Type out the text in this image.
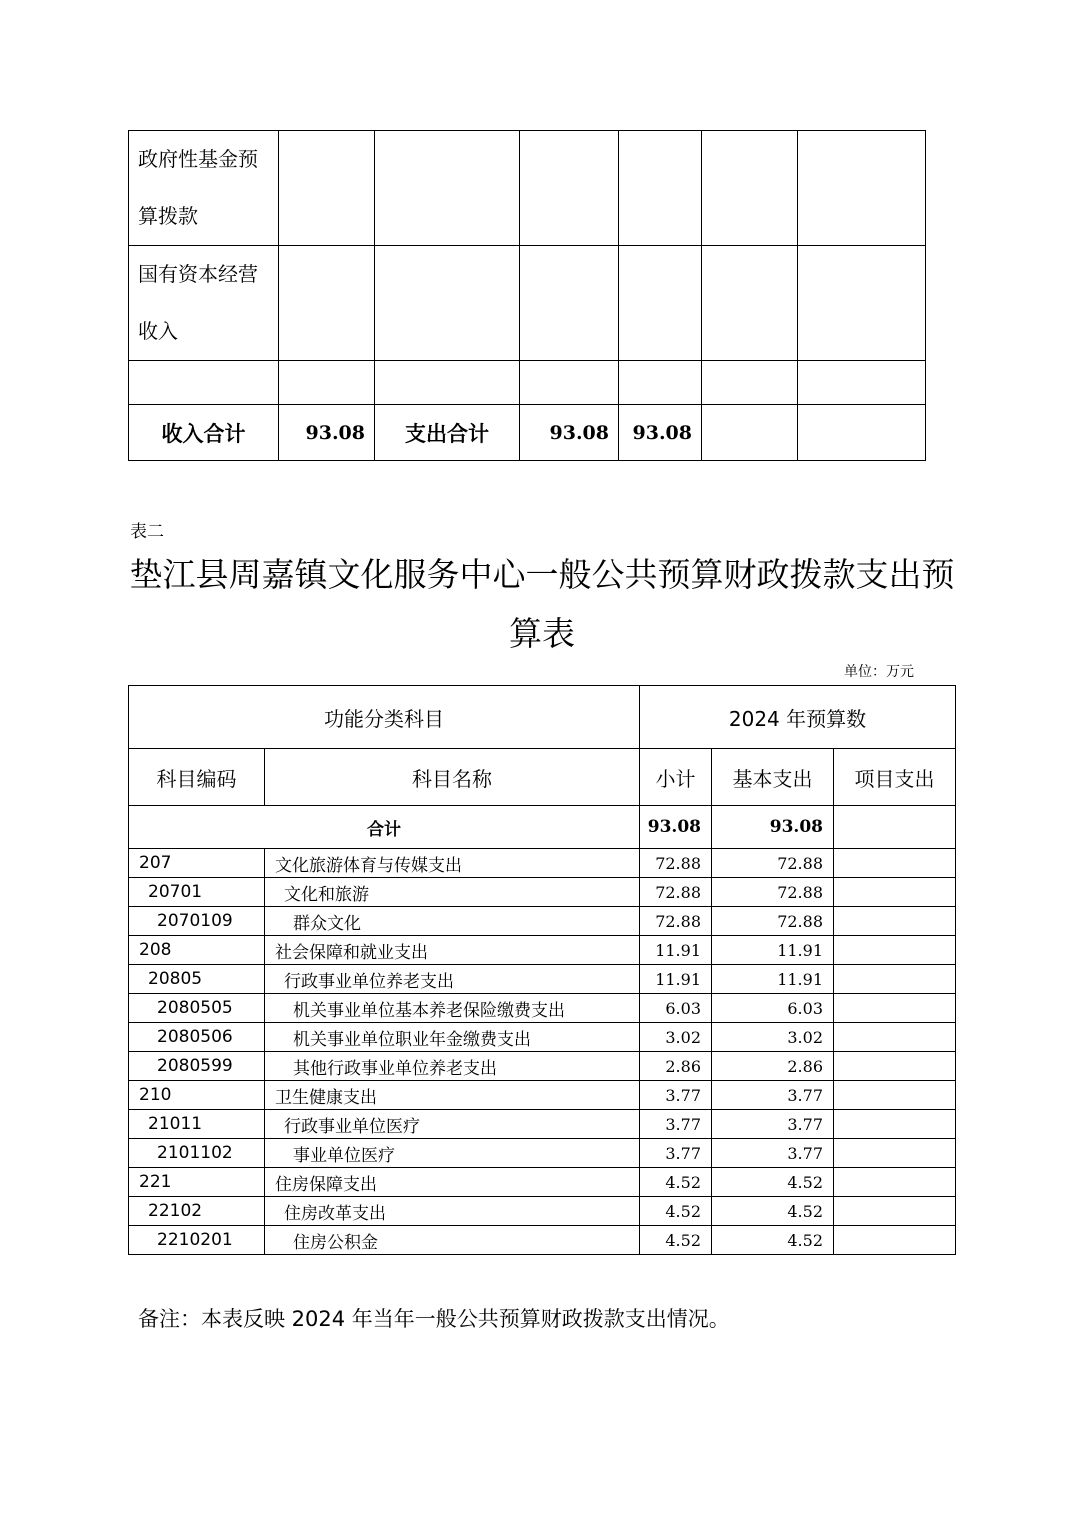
政府性基金预算拨款						
国有资本经营收入						

收入合计	93.08	支出合计	93.08	93.08		
表二
垫江县周嘉镇文化服务中心一般公共预算财政拨款支出预算表
单位：万元
功能分类科目		2024 年预算数		
科目编码	科目名称	小计	基本支出	项目支出
合计		93.08	93.08	
207	文化旅游体育与传媒支出	72.88	72.88	
20701	文化和旅游	72.88	72.88	
2070109	群众文化	72.88	72.88	
208	社会保障和就业支出	11.91	11.91	
20805	行政事业单位养老支出	11.91	11.91	
2080505	机关事业单位基本养老保险缴费支出	6.03	6.03	
2080506	机关事业单位职业年金缴费支出	3.02	3.02	
2080599	其他行政事业单位养老支出	2.86	2.86	
210	卫生健康支出	3.77	3.77	
21011	行政事业单位医疗	3.77	3.77	
2101102	事业单位医疗	3.77	3.77	
221	住房保障支出	4.52	4.52	
22102	住房改革支出	4.52	4.52	
2210201	住房公积金	4.52	4.52	
备注：本表反映 2024 年当年一般公共预算财政拨款支出情况。
